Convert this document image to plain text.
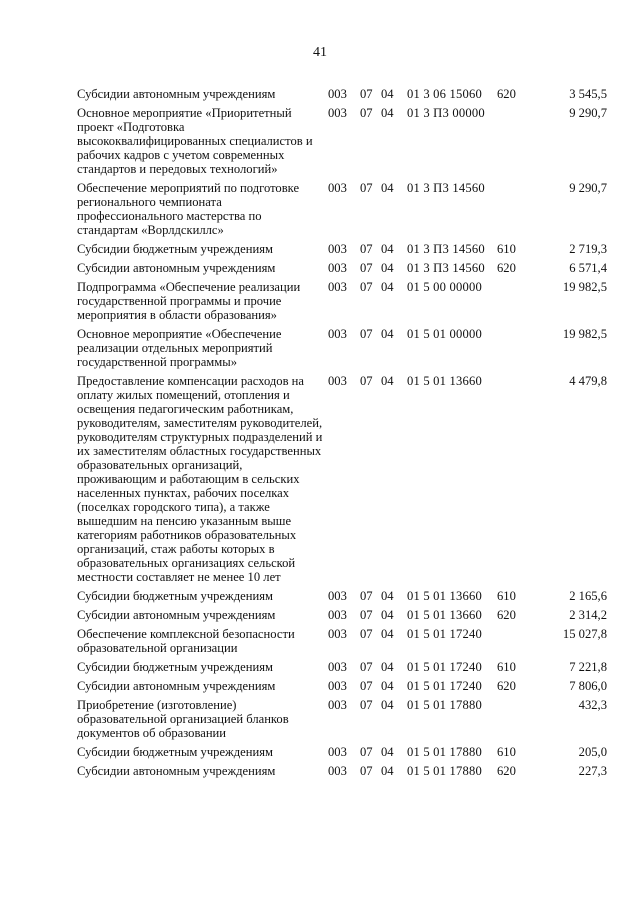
41
Субсидии автономным учреждениям	003 07 04 01 3 06 15060 620	3 545,5
Основное мероприятие «Приоритетный проект «Подготовка высококвалифицированных специалистов и рабочих кадров с учетом современных стандартов и передовых технологий»
003 07 04 01 3 П3 00000	9 290,7
Обеспечение мероприятий по подготовке регионального чемпионата профессионального мастерства по стандартам «Ворлдскиллс»
003 07 04 01 3 П3 14560	9 290,7
Субсидии бюджетным учреждениям	003 07 04 01 3 П3 14560 610	2 719,3
Субсидии автономным учреждениям	003 07 04 01 3 П3 14560 620	6 571,4
Подпрограмма «Обеспечение реализации государственной программы и прочие мероприятия в области образования»
003 07 04 01 5 00 00000	19 982,5
Основное мероприятие «Обеспечение реализации отдельных мероприятий государственной программы»
003 07 04 01 5 01 00000	19 982,5
Предоставление компенсации расходов на оплату жилых помещений, отопления и освещения педагогическим работникам, руководителям, заместителям руководителей, руководителям структурных подразделений и их заместителям областных государственных образовательных организаций, проживающим и работающим в сельских населенных пунктах, рабочих поселках (поселках городского типа), а также вышедшим на пенсию указанным выше категориям работников образовательных организаций, стаж работы которых в образовательных организациях сельской местности составляет не менее 10 лет
003 07 04 01 5 01 13660	4 479,8
Субсидии бюджетным учреждениям	003 07 04 01 5 01 13660 610	2 165,6
Субсидии автономным учреждениям	003 07 04 01 5 01 13660 620	2 314,2
Обеспечение комплексной безопасности образовательной организации
003 07 04 01 5 01 17240	15 027,8
Субсидии бюджетным учреждениям	003 07 04 01 5 01 17240 610	7 221,8
Субсидии автономным учреждениям	003 07 04 01 5 01 17240 620	7 806,0
Приобретение (изготовление) образовательной организацией бланков документов об образовании
003 07 04 01 5 01 17880	432,3
Субсидии бюджетным учреждениям	003 07 04 01 5 01 17880 610	205,0
Субсидии автономным учреждениям	003 07 04 01 5 01 17880 620	227,3
